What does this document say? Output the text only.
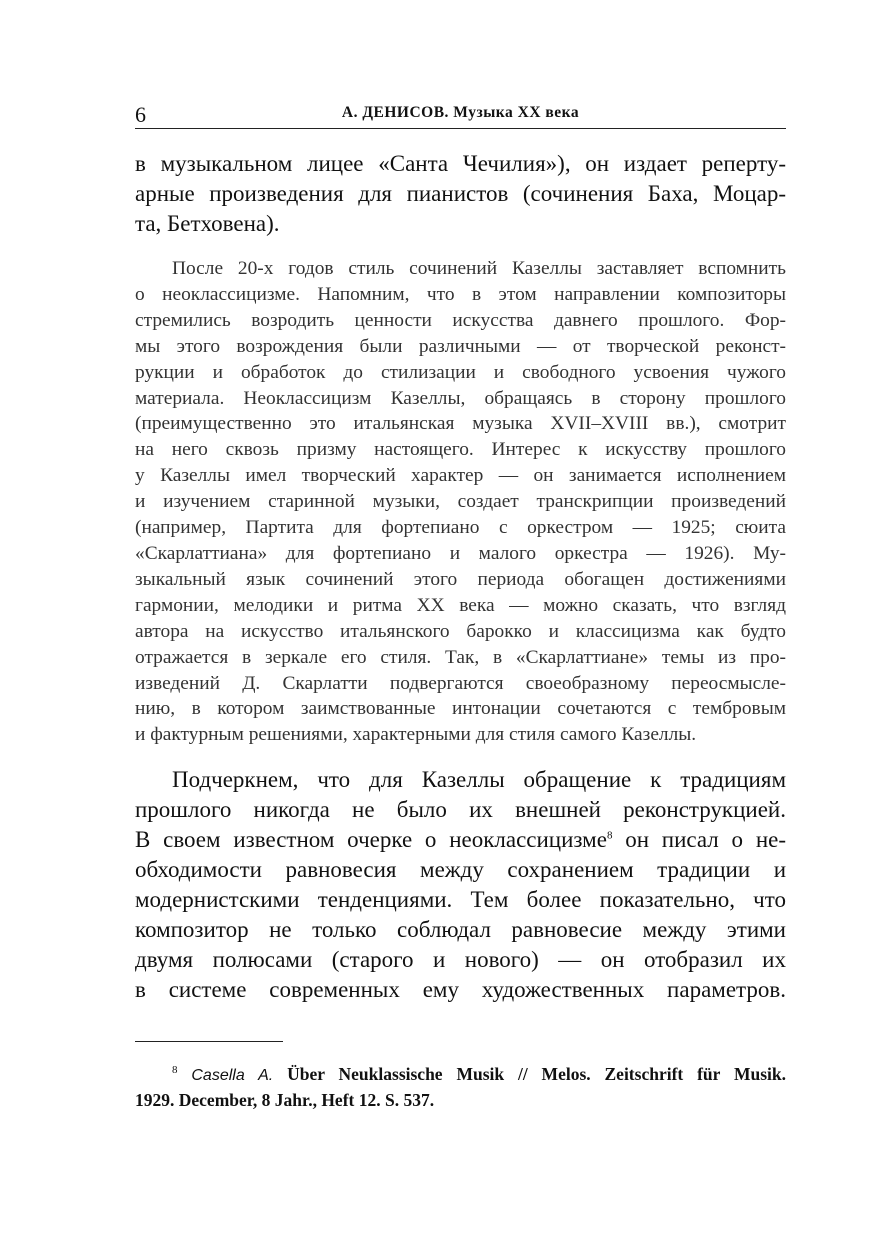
6	А. ДЕНИСОВ. Музыка XX века
в музыкальном лицее «Санта Чечилия»), он издает реперту-
арные произведения для пианистов (сочинения Баха, Моцар-
та, Бетховена).
После 20-х годов стиль сочинений Казеллы заставляет вспомнить
о неоклассицизме. Напомним, что в этом направлении композиторы
стремились возродить ценности искусства давнего прошлого. Фор-
мы этого возрождения были различными — от творческой реконст-
рукции и обработок до стилизации и свободного усвоения чужого
материала. Неоклассицизм Казеллы, обращаясь в сторону прошлого
(преимущественно это итальянская музыка XVII–XVIII вв.), смотрит
на него сквозь призму настоящего. Интерес к искусству прошлого
у Казеллы имел творческий характер — он занимается исполнением
и изучением старинной музыки, создает транскрипции произведений
(например, Партита для фортепиано с оркестром — 1925; сюита
«Скарлаттиана» для фортепиано и малого оркестра — 1926). Му-
зыкальный язык сочинений этого периода обогащен достижениями
гармонии, мелодики и ритма XX века — можно сказать, что взгляд
автора на искусство итальянского барокко и классицизма как будто
отражается в зеркале его стиля. Так, в «Скарлаттиане» темы из про-
изведений Д. Скарлатти подвергаются своеобразному переосмысле-
нию, в котором заимствованные интонации сочетаются с тембровым
и фактурным решениями, характерными для стиля самого Казеллы.
Подчеркнем, что для Казеллы обращение к традициям
прошлого никогда не было их внешней реконструкцией.
В своем известном очерке о неоклассицизме$^8$ он писал о не-
обходимости равновесия между сохранением традиции и
модернистскими тенденциями. Тем более показательно, что
композитор не только соблюдал равновесие между этими
двумя полюсами (старого и нового) — он отобразил их
в системе современных ему художественных параметров.
$^8$ Casella A. Über Neuklassische Musik // Melos. Zeitschrift für Musik.
1929. December, 8 Jahr., Heft 12. S. 537.
